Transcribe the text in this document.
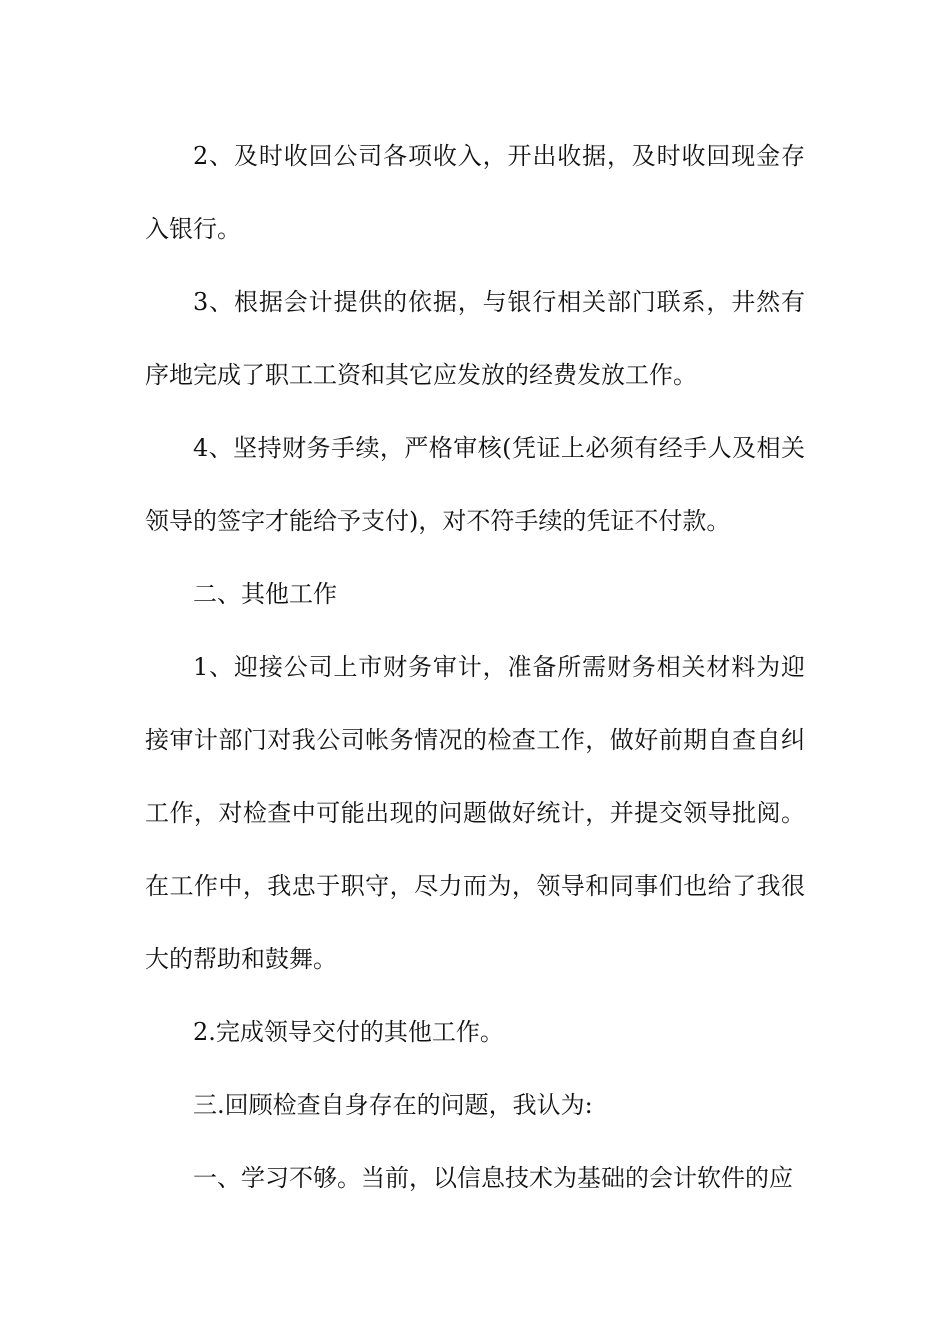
2、及时收回公司各项收入，开出收据，及时收回现金存入银行。

3、根据会计提供的依据，与银行相关部门联系，井然有序地完成了职工工资和其它应发放的经费发放工作。

4、坚持财务手续，严格审核(凭证上必须有经手人及相关领导的签字才能给予支付)，对不符手续的凭证不付款。

二、其他工作

1、迎接公司上市财务审计，准备所需财务相关材料为迎接审计部门对我公司帐务情况的检查工作，做好前期自查自纠工作，对检查中可能出现的问题做好统计，并提交领导批阅。在工作中，我忠于职守，尽力而为，领导和同事们也给了我很大的帮助和鼓舞。

2.完成领导交付的其他工作。

三.回顾检查自身存在的问题，我认为:

一、学习不够。当前，以信息技术为基础的会计软件的应
